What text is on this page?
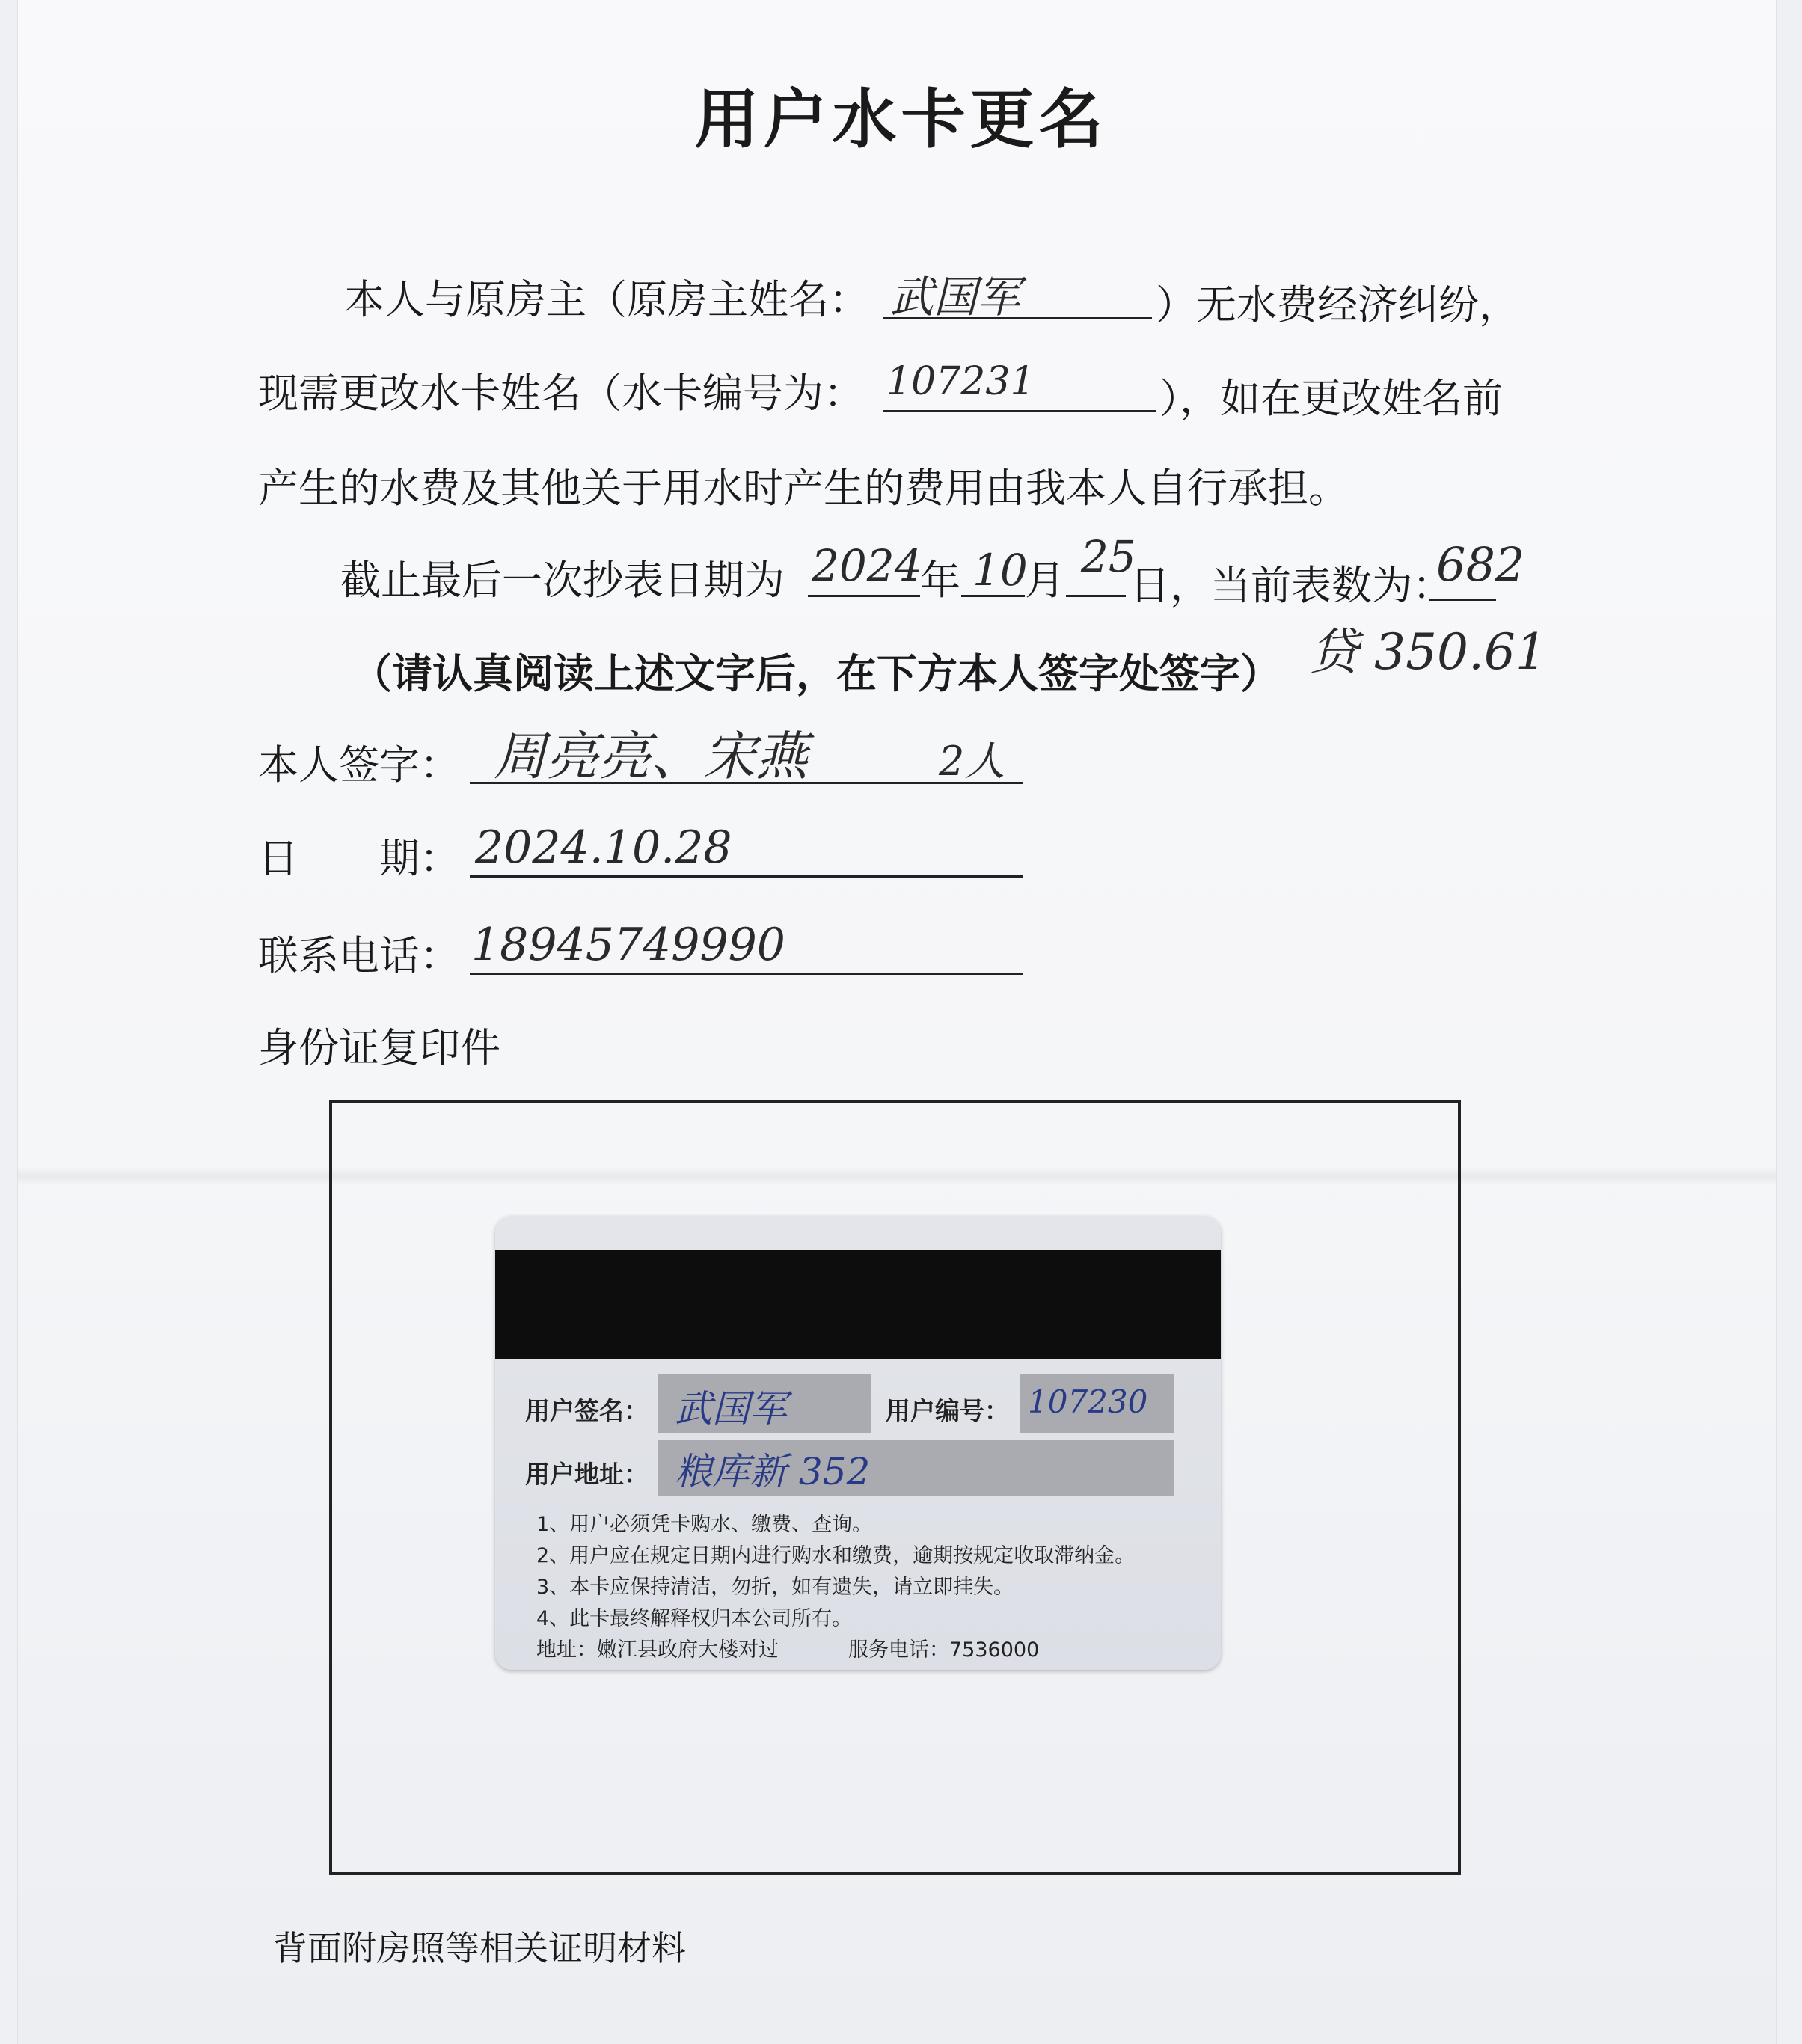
用户水卡更名
本人与原房主（原房主姓名： 武国军	）无水费经济纠纷，
现需更改水卡姓名（水卡编号为： 107231	），如在更改姓名前
产生的水费及其他关于用水时产生的费用由我本人自行承担。
截止最后一次抄表日期为 2024
年 10
月 25
日，当前表数为：
682
（请认真阅读上述文字后，在下方本人签字处签字） 贷 350.61
本人签字： 周亮亮、宋燕	2人
日　　期： 2024.10.28
联系电话： 18945749990
身份证复印件
用户签名： 武国军	用户编号： 107230
用户地址： 粮库新 352
1、用户必须凭卡购水、缴费、查询。
2、用户应在规定日期内进行购水和缴费，逾期按规定收取滞纳金。
3、本卡应保持清洁，勿折，如有遗失，请立即挂失。
4、此卡最终解释权归本公司所有。
地址：嫩江县政府大楼对过	服务电话：7536000
背面附房照等相关证明材料
